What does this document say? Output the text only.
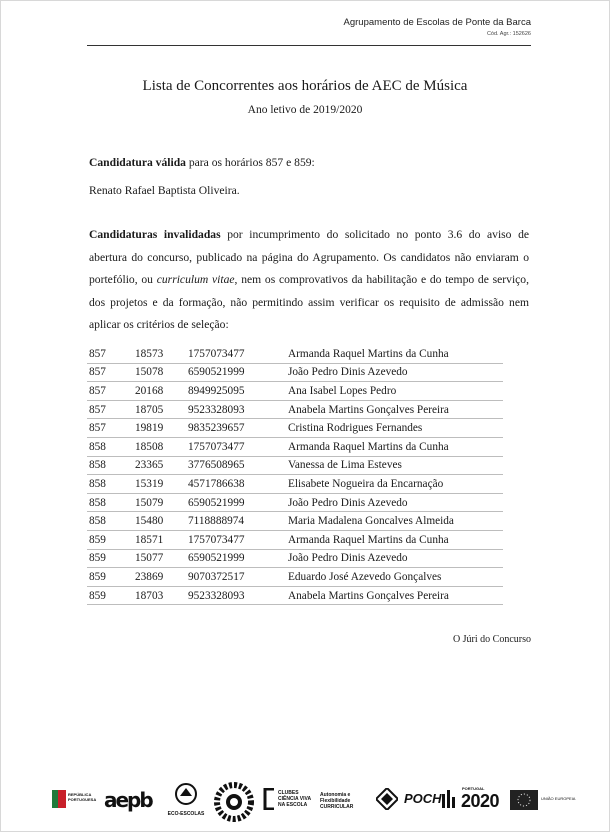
Agrupamento de Escolas de Ponte da Barca
Cód. Agr.: 152626
Lista de Concorrentes aos horários de AEC de Música
Ano letivo de 2019/2020
Candidatura válida para os horários 857 e 859:
Renato Rafael Baptista Oliveira.
Candidaturas invalidadas por incumprimento do solicitado no ponto 3.6 do aviso de abertura do concurso, publicado na página do Agrupamento. Os candidatos não enviaram o portefólio, ou curriculum vitae, nem os comprovativos da habilitação e do tempo de serviço, dos projetos e da formação, não permitindo assim verificar os requisito de admissão nem aplicar os critérios de seleção:
857	18573	1757073477	Armanda Raquel Martins da Cunha
857	15078	6590521999	João Pedro Dinis Azevedo
857	20168	8949925095	Ana Isabel Lopes Pedro
857	18705	9523328093	Anabela Martins Gonçalves Pereira
857	19819	9835239657	Cristina Rodrigues Fernandes
858	18508	1757073477	Armanda Raquel Martins da Cunha
858	23365	3776508965	Vanessa de Lima Esteves
858	15319	4571786638	Elisabete Nogueira da Encarnação
858	15079	6590521999	João Pedro Dinis Azevedo
858	15480	7118888974	Maria Madalena Goncalves Almeida
859	18571	1757073477	Armanda Raquel Martins da Cunha
859	15077	6590521999	João Pedro Dinis Azevedo
859	23869	9070372517	Eduardo José Azevedo Gonçalves
859	18703	9523328093	Anabela Martins Gonçalves Pereira
O Júri do Concurso
REPÚBLICA PORTUGUESA aepb
ECO-ESCOLAS
CLUBES CIÊNCIA VIVA NA ESCOLA
Autonomia e Flexibilidade CURRICULAR
POCH
PORTUGAL
2020	UNIÃO EUROPEIA
